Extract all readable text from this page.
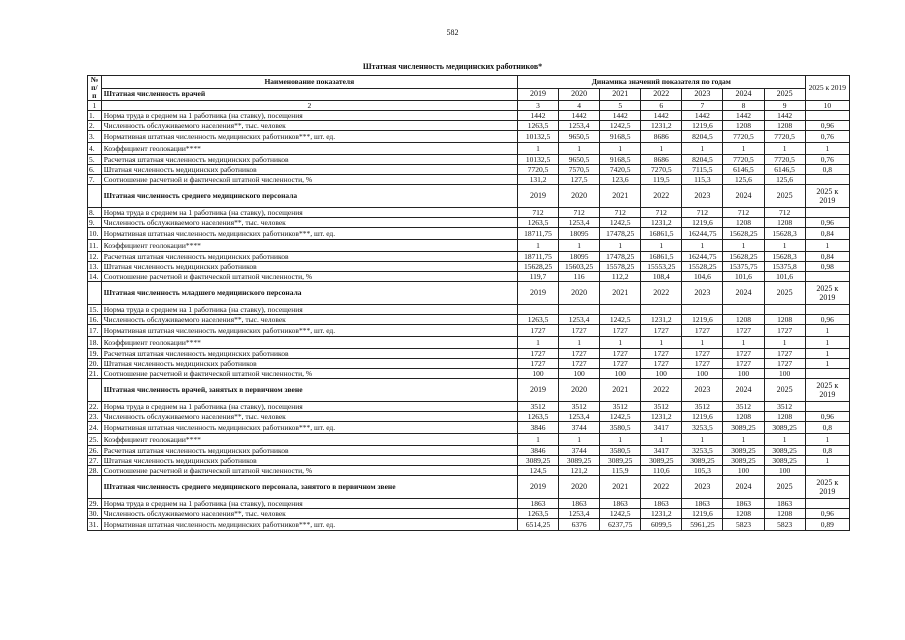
582
Штатная численность медицинских работников*
№ п/п	Наименование показателя	Динамика значений показателя по годам							2025 к 2019
	Штатная численность врачей	2019	2020	2021	2022	2023	2024	2025	
1	2	3	4	5	6	7	8	9	10
1.	Норма труда в среднем на 1 работника (на ставку), посещения	1442	1442	1442	1442	1442	1442	1442	
2.	Численность обслуживаемого населения**, тыс. человек	1263,5	1253,4	1242,5	1231,2	1219,6	1208	1208	0,96
3.	Нормативная штатная численность медицинских работников***, шт. ед.	10132,5	9650,5	9168,5	8686	8204,5	7720,5	7720,5	0,76
4.	Коэффициент геолокации****	1	1	1	1	1	1	1	1
5.	Расчетная штатная численность медицинских работников	10132,5	9650,5	9168,5	8686	8204,5	7720,5	7720,5	0,76
6.	Штатная численность медицинских работников	7720,5	7570,5	7420,5	7270,5	7115,5	6146,5	6146,5	0,8
7.	Соотношение расчетной и фактической штатной численности, %	131,2	127,5	123,6	119,5	115,3	125,6	125,6	
	Штатная численность среднего медицинского персонала	2019	2020	2021	2022	2023	2024	2025	2025 к 2019
8.	Норма труда в среднем на 1 работника (на ставку), посещения	712	712	712	712	712	712	712	
9.	Численность обслуживаемого населения**, тыс. человек	1263,5	1253,4	1242,5	1231,2	1219,6	1208	1208	0,96
10.	Нормативная штатная численность медицинских работников***, шт. ед.	18711,75	18095	17478,25	16861,5	16244,75	15628,25	15628,3	0,84
11.	Коэффициент геолокации****	1	1	1	1	1	1	1	1
12.	Расчетная штатная численность медицинских работников	18711,75	18095	17478,25	16861,5	16244,75	15628,25	15628,3	0,84
13.	Штатная численность медицинских работников	15628,25	15603,25	15578,25	15553,25	15528,25	15375,75	15375,8	0,98
14.	Соотношение расчетной и фактической штатной численности, %	119,7	116	112,2	108,4	104,6	101,6	101,6	
	Штатная численность младшего медицинского персонала	2019	2020	2021	2022	2023	2024	2025	2025 к 2019
15.	Норма труда в среднем на 1 работника (на ставку), посещения								
16.	Численность обслуживаемого населения**, тыс. человек	1263,5	1253,4	1242,5	1231,2	1219,6	1208	1208	0,96
17.	Нормативная штатная численность медицинских работников***, шт. ед.	1727	1727	1727	1727	1727	1727	1727	1
18.	Коэффициент геолокации****	1	1	1	1	1	1	1	1
19.	Расчетная штатная численность медицинских работников	1727	1727	1727	1727	1727	1727	1727	1
20.	Штатная численность медицинских работников	1727	1727	1727	1727	1727	1727	1727	1
21.	Соотношение расчетной и фактической штатной численности, %	100	100	100	100	100	100	100	
	Штатная численность врачей, занятых в первичном звене	2019	2020	2021	2022	2023	2024	2025	2025 к 2019
22.	Норма труда в среднем на 1 работника (на ставку), посещения	3512	3512	3512	3512	3512	3512	3512	
23.	Численность обслуживаемого населения**, тыс. человек	1263,5	1253,4	1242,5	1231,2	1219,6	1208	1208	0,96
24.	Нормативная штатная численность медицинских работников***, шт. ед.	3846	3744	3580,5	3417	3253,5	3089,25	3089,25	0,8
25.	Коэффициент геолокации****	1	1	1	1	1	1	1	1
26.	Расчетная штатная численность медицинских работников	3846	3744	3580,5	3417	3253,5	3089,25	3089,25	0,8
27.	Штатная численность медицинских работников	3089,25	3089,25	3089,25	3089,25	3089,25	3089,25	3089,25	1
28.	Соотношение расчетной и фактической штатной численности, %	124,5	121,2	115,9	110,6	105,3	100	100	
	Штатная численность среднего медицинского персонала, занятого в первичном звене	2019	2020	2021	2022	2023	2024	2025	2025 к 2019
29.	Норма труда в среднем на 1 работника (на ставку), посещения	1863	1863	1863	1863	1863	1863	1863	
30.	Численность обслуживаемого населения**, тыс. человек	1263,5	1253,4	1242,5	1231,2	1219,6	1208	1208	0,96
31.	Нормативная штатная численность медицинских работников***, шт. ед.	6514,25	6376	6237,75	6099,5	5961,25	5823	5823	0,89
